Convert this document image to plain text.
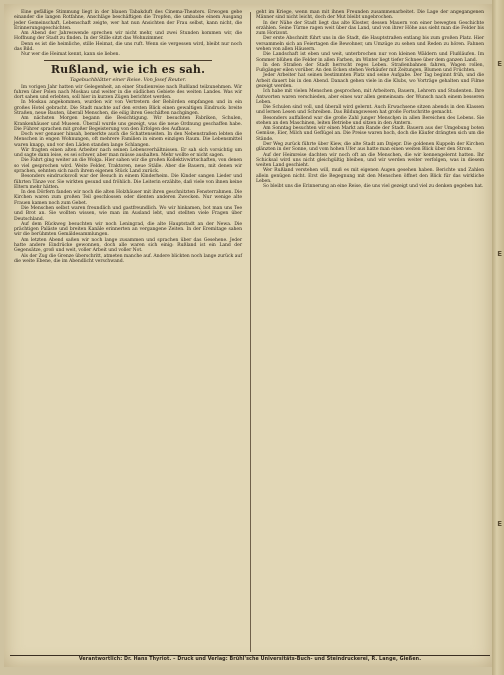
E
E
E

Eine gefällige Stimmung liegt in der blauen Tabakduft des Cinema-Theaters. Erwogen gebe einander die langen Rotfahne, Anschläge beschäftigen die Tropfen, die umbaube einem Ausgang jeder Gemeinschaft, Lebenschaft zeigte, wer hat nun Ansichten der Frau selbst, kann nicht, die Erinnerungsgeschichten.

Am Abend der Jahreswende sprechen wir nicht mehr, und zwei Stunden kommen wir, die Hoffnung der Stadt zu finden. In der Stille sitzt das Wohnzimmer.

Denn es ist die heimliche, stille Heimat, die uns ruft. Wenn sie vergessen wird, bleibt nur noch das Bild.

Nur wer die Heimat kennt, kann sie lieben.

Rußland, wie ich es sah.
Tagebuchblätter einer Reise. Von Josef Reuter.

Im vorigen Jahr hatten wir Gelegenheit, an einer Studienreise nach Rußland teilzunehmen. Wir fuhren über Polen nach Moskau und weiter in die südlichen Gebiete des weiten Landes. Was wir dort sahen und erlebten, soll hier in kurzen Zügen berichtet werden.

In Moskau angekommen, wurden wir von Vertretern der Behörden empfangen und in ein großes Hotel gebracht. Die Stadt machte auf den ersten Blick einen gewaltigen Eindruck: breite Straßen, neue Bauten, überall Menschen, die eilig ihren Geschäften nachgingen.

Am nächsten Morgen begann die Besichtigung. Wir besuchten Fabriken, Schulen, Krankenhäuser und Museen. Überall wurde uns gezeigt, was die neue Ordnung geschaffen habe. Die Führer sprachen mit großer Begeisterung von den Erfolgen des Aufbaus.

Doch wer genauer hinsah, bemerkte auch die Schattenseiten. In den Nebenstraßen lebten die Menschen in engen Wohnungen, oft mehrere Familien in einem einzigen Raum. Die Lebensmittel waren knapp, und vor den Läden standen lange Schlangen.

Wir fragten einen alten Arbeiter nach seinen Lebensverhältnissen. Er sah sich vorsichtig um und sagte dann leise, es sei schwer, aber man müsse aushalten. Mehr wollte er nicht sagen.

Die Fahrt ging weiter an die Wolga. Hier sahen wir die großen Kollektivwirtschaften, von denen so viel gesprochen wird. Weite Felder, Traktoren, neue Ställe. Aber die Bauern, mit denen wir sprachen, sehnten sich nach ihrem eigenen Stück Land zurück.

Besonders eindrucksvoll war der Besuch in einem Kinderheim. Die Kinder sangen Lieder und führten Tänze vor. Sie wirkten gesund und fröhlich. Die Leiterin erzählte, daß viele von ihnen keine Eltern mehr hätten.

In den Dörfern fanden wir noch die alten Holzhäuser mit ihren geschnitzten Fensterrahmen. Die Kirchen waren zum großen Teil geschlossen oder dienten anderen Zwecken. Nur wenige alte Frauen kamen noch zum Gebet.

Die Menschen selbst waren freundlich und gastfreundlich. Wo wir hinkamen, bot man uns Tee und Brot an. Sie wollten wissen, wie man im Ausland lebt, und stellten viele Fragen über Deutschland.

Auf dem Rückweg besuchten wir noch Leningrad, die alte Hauptstadt an der Newa. Die prächtigen Paläste und breiten Kanäle erinnerten an vergangene Zeiten. In der Eremitage sahen wir die berühmten Gemäldesammlungen.

Am letzten Abend saßen wir noch lange zusammen und sprachen über das Gesehene. Jeder hatte andere Eindrücke gewonnen, doch alle waren sich einig: Rußland ist ein Land der Gegensätze, groß und weit, voller Arbeit und voller Not.

Als der Zug die Grenze überschritt, atmeten manche auf. Andere blickten noch lange zurück auf die weite Ebene, die im Abendlicht verschwand.

geht im Kriege, wenn man mit ihnen Freunden zusammenarbeitet. Die Lage der angegangenen Männer sind nicht leicht, doch der Mut bleibt ungebrochen.

In der Nähe der Stadt liegt das alte Kloster, dessen Mauern von einer bewegten Geschichte erzählen. Seine Türme ragen weit über das Land, und von ihrer Höhe aus sieht man die Felder bis zum Horizont.

Der erste Abschnitt führt uns in die Stadt, die Hauptstraßen entlang bis zum großen Platz. Hier versammeln sich an Feiertagen die Bewohner, um Umzüge zu sehen und Reden zu hören. Fahnen wehen von allen Häusern.

Die Landschaft ist eben und weit, unterbrochen nur von kleinen Wäldern und Flußläufen. Im Sommer blühen die Felder in allen Farben, im Winter liegt tiefer Schnee über dem ganzen Land.

In den Straßen der Stadt herrscht reges Leben. Straßenbahnen fahren, Wagen rollen, Fußgänger eilen vorüber. An den Ecken stehen Verkäufer mit Zeitungen, Blumen und Früchten.

Jeder Arbeiter hat seinen bestimmten Platz und seine Aufgabe. Der Tag beginnt früh, und die Arbeit dauert bis in den Abend. Danach gehen viele in die Klubs, wo Vorträge gehalten und Filme gezeigt werden.

Ich habe mit vielen Menschen gesprochen, mit Arbeitern, Bauern, Lehrern und Studenten. Ihre Antworten waren verschieden, aber eines war allen gemeinsam: der Wunsch nach einem besseren Leben.

Die Schulen sind voll, und überall wird gelernt. Auch Erwachsene sitzen abends in den Klassen und lernen Lesen und Schreiben. Das Bildungswesen hat große Fortschritte gemacht.

Besonders auffallend war die große Zahl junger Menschen in allen Bereichen des Lebens. Sie stehen an den Maschinen, leiten Betriebe und sitzen in den Ämtern.

Am Sonntag besuchten wir einen Markt am Rande der Stadt. Bauern aus der Umgebung boten Gemüse, Eier, Milch und Geflügel an. Die Preise waren hoch, doch die Käufer drängten sich um die Stände.

Der Weg zurück führte über Kiew, die alte Stadt am Dnjepr. Die goldenen Kuppeln der Kirchen glänzten in der Sonne, und vom hohen Ufer aus hatte man einen weiten Blick über den Strom.

Auf der Heimreise dachten wir noch oft an die Menschen, die wir kennengelernt hatten. Ihr Schicksal wird uns nicht gleichgültig bleiben, und wir werden weiter verfolgen, was in diesem weiten Land geschieht.

Wer Rußland verstehen will, muß es mit eigenen Augen gesehen haben. Berichte und Zahlen allein genügen nicht. Erst die Begegnung mit den Menschen öffnet den Blick für das wirkliche Leben.

So bleibt uns die Erinnerung an eine Reise, die uns viel gezeigt und viel zu denken gegeben hat.

Verantwortlich: Dr. Hans Thyriot. – Druck und Verlag: Brühl'sche Universitäts-Buch- und Steindruckerei, R. Lange, Gießen.
